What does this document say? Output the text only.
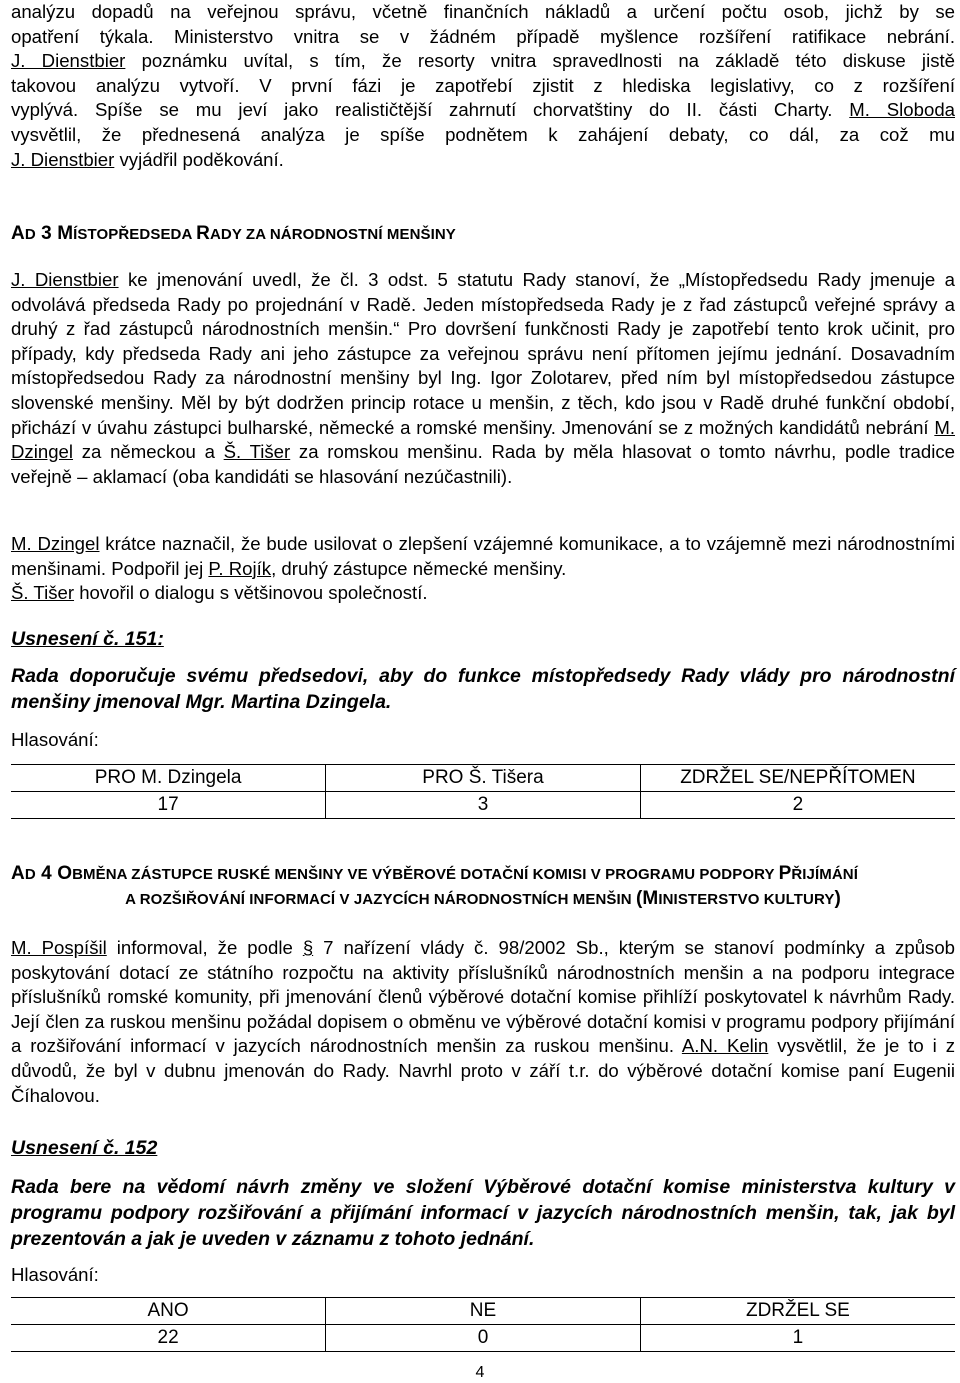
analýzu dopadů na veřejnou správu, včetně finančních nákladů a určení počtu osob, jichž by se

opatření týkala. Ministerstvo vnitra se v žádném případě myšlence rozšíření ratifikace nebrání.

J. Dienstbier poznámku uvítal, s tím, že resorty vnitra spravedlnosti na základě této diskuse jistě

takovou analýzu vytvoří. V první fázi je zapotřebí zjistit z hlediska legislativy, co z rozšíření

vyplývá. Spíše se mu jeví jako realističtější zahrnutí chorvatštiny do II. části Charty. M. Sloboda

vysvětlil, že přednesená analýza je spíše podnětem k zahájení debaty, co dál, za což mu

J. Dienstbier vyjádřil poděkování.

AD 3 MÍSTOPŘEDSEDA RADY ZA NÁRODNOSTNÍ MENŠINY

J. Dienstbier ke jmenování uvedl, že čl. 3 odst. 5 statutu Rady stanoví, že „Místopředsedu Rady jmenuje a odvolává předseda Rady po projednání v Radě. Jeden místopředseda Rady je z řad zástupců veřejné správy a druhý z řad zástupců národnostních menšin.“ Pro dovršení funkčnosti Rady je zapotřebí tento krok učinit, pro případy, kdy předseda Rady ani jeho zástupce za veřejnou správu není přítomen jejímu jednání. Dosavadním místopředsedou Rady za národnostní menšiny byl Ing. Igor Zolotarev, před ním byl místopředsedou zástupce slovenské menšiny. Měl by být dodržen princip rotace u menšin, z těch, kdo jsou v Radě druhé funkční období, přichází v úvahu zástupci bulharské, německé a romské menšiny. Jmenování se z možných kandidátů nebrání M. Dzingel za německou a Š. Tišer za romskou menšinu. Rada by měla hlasovat o tomto návrhu, podle tradice veřejně – aklamací (oba kandidáti se hlasování nezúčastnili).

M. Dzingel krátce naznačil, že bude usilovat o zlepšení vzájemné komunikace, a to vzájemně mezi národnostními menšinami. Podpořil jej P. Rojík, druhý zástupce německé menšiny.

Š. Tišer hovořil o dialogu s většinovou společností.

Usnesení č. 151:

Rada doporučuje svému předsedovi, aby do funkce místopředsedy Rady vlády pro národnostní menšiny jmenoval Mgr. Martina Dzingela.

Hlasování:

PRO M. Dzingela	PRO Š. Tišera	ZDRŽEL SE/NEPŘÍTOMEN
17	3	2

AD 4 OBMĚNA ZÁSTUPCE RUSKÉ MENŠINY VE VÝBĚROVÉ DOTAČNÍ KOMISI V PROGRAMU PODPORY PŘIJÍMÁNÍ

A ROZŠIŘOVÁNÍ INFORMACÍ V JAZYCÍCH NÁRODNOSTNÍCH MENŠIN (MINISTERSTVO KULTURY)

M. Pospíšil informoval, že podle § 7 nařízení vlády č. 98/2002 Sb., kterým se stanoví podmínky a způsob poskytování dotací ze státního rozpočtu na aktivity příslušníků národnostních menšin a na podporu integrace příslušníků romské komunity, při jmenování členů výběrové dotační komise přihlíží poskytovatel k návrhům Rady. Její člen za ruskou menšinu požádal dopisem o obměnu ve výběrové dotační komisi v programu podpory přijímání a rozšiřování informací v jazycích národnostních menšin za ruskou menšinu. A.N. Kelin vysvětlil, že je to i z důvodů, že byl v dubnu jmenován do Rady. Navrhl proto v září t.r. do výběrové dotační komise paní Eugenii Číhalovou.

Usnesení č. 152

Rada bere na vědomí návrh změny ve složení Výběrové dotační komise ministerstva kultury v programu podpory rozšiřování a přijímání informací v jazycích národnostních menšin, tak, jak byl prezentován a jak je uveden v záznamu z tohoto jednání.

Hlasování:

ANO	NE	ZDRŽEL SE
22	0	1
4
